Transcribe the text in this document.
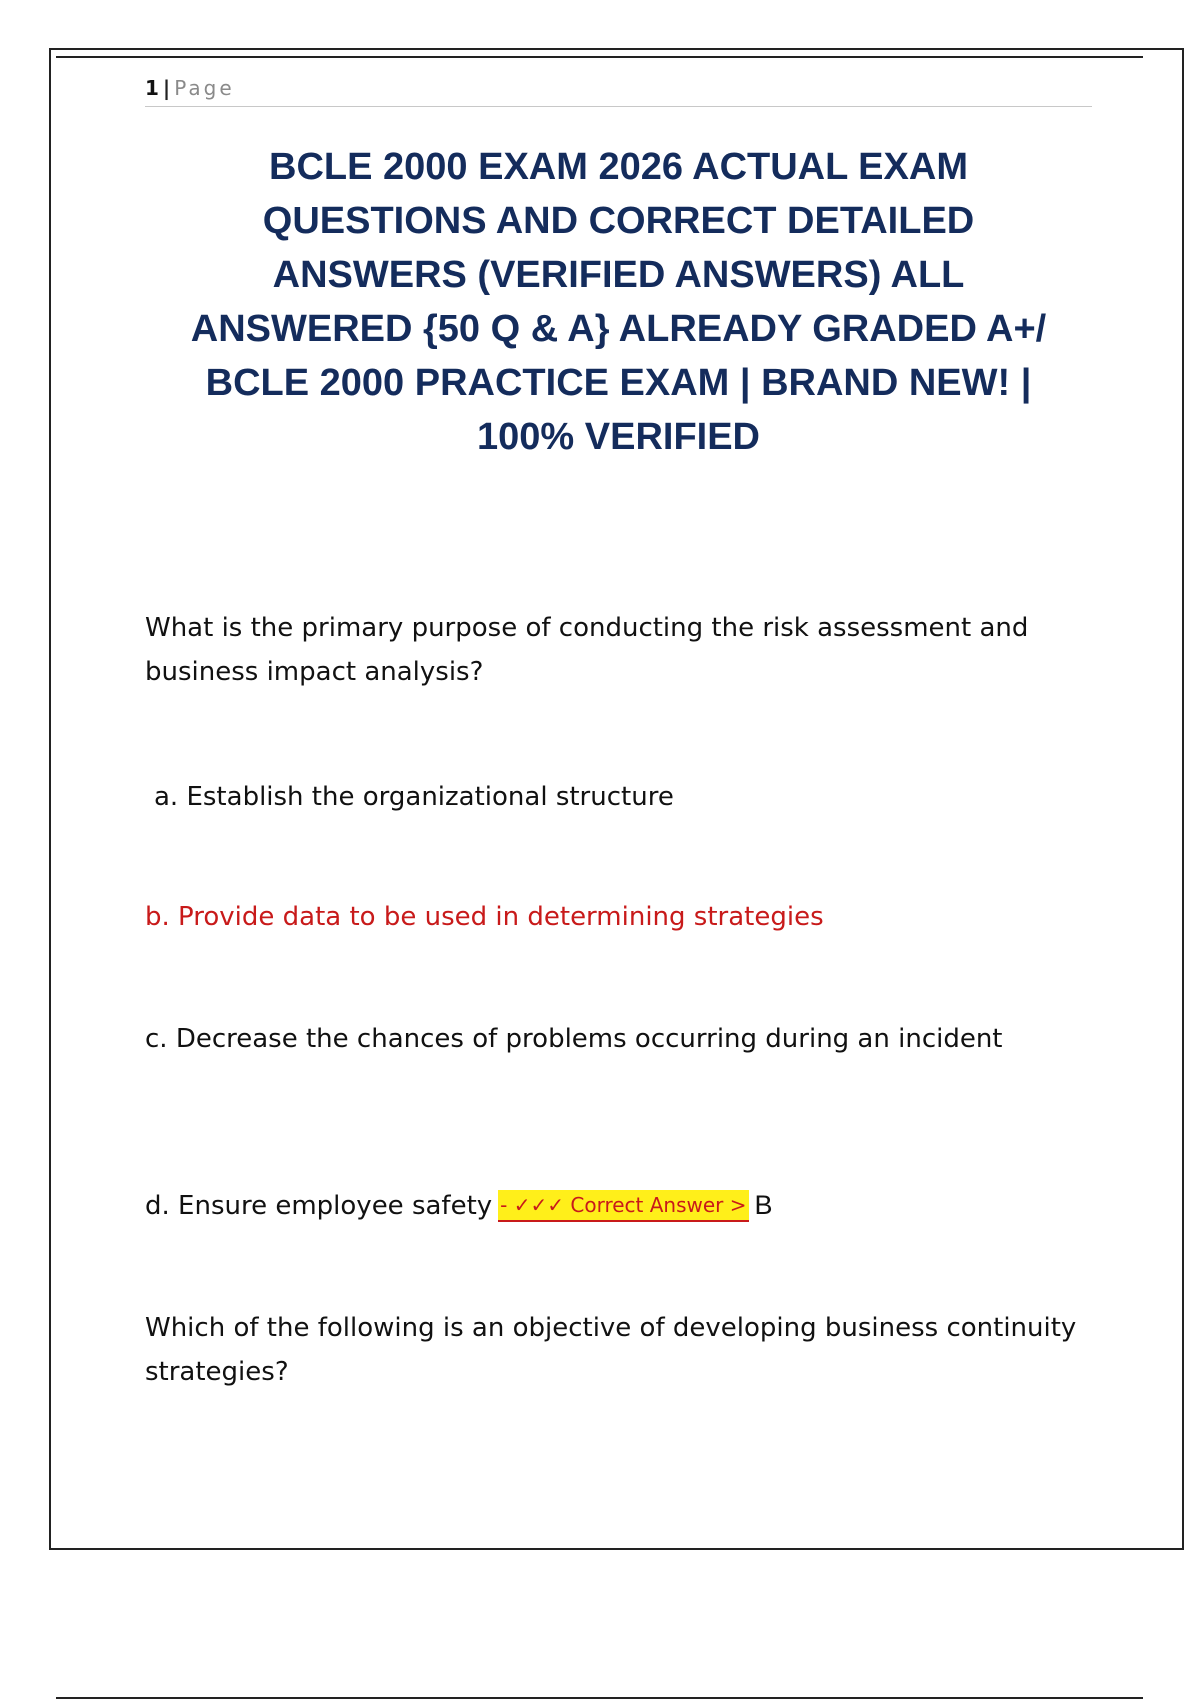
1 | Page
BCLE 2000 EXAM 2026 ACTUAL EXAM
QUESTIONS AND CORRECT DETAILED
ANSWERS (VERIFIED ANSWERS) ALL
ANSWERED {50 Q & A} ALREADY GRADED A+/
BCLE 2000 PRACTICE EXAM | BRAND NEW! |
100% VERIFIED

What is the primary purpose of conducting the risk assessment and business impact analysis?

a. Establish the organizational structure

b. Provide data to be used in determining strategies

c. Decrease the chances of problems occurring during an incident

d. Ensure employee safety - ✓✓✓ Correct Answer > B

Which of the following is an objective of developing business continuity strategies?
